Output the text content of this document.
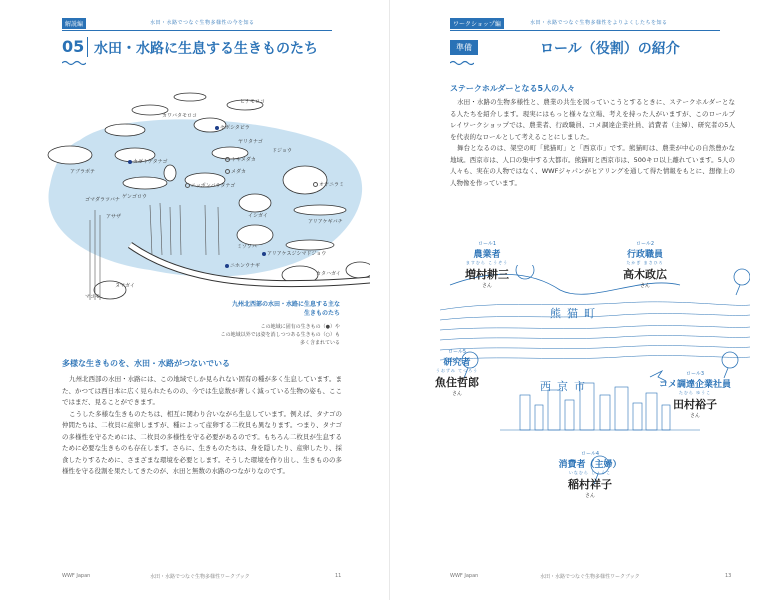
解説編	水田・水路でつなぐ生物多様性の今を知る
05 水田・水路に生息する生きものたち
カワバタモロコ
ヒナモロコ
セボシタビラ
ヤリタナゴ
カゼトゲタナゴ
ドジョウ
トキメダカ
メダカ
アブラボテ
ゲンゴロウ
ニッポンバラタナゴ	オヤニラミ
ゴマダラツバナ
イシガイ
アリアケギバチ
アサザ
ミゾソバ
アリアケスジシマドジョウ
ニホンウナギ
マコモ
ヌマガイ
カタハガイ
九州北西部の水田・水路に生息する主な生きものたち
この地域に固有の生きもの（●）や
この地域以外では姿を消しつつある生きもの（○）も
多く含まれている
多様な生きものを、水田・水路がつないでいる

九州北西部の水田・水路には、この地域でしか見られない固有の種が多く生息しています。また、かつては西日本に広く見られたものの、今では生息数が著しく減っている生物の姿も、ここではまだ、見ることができます。

こうした多様な生きものたちは、相互に関わり合いながら生息しています。例えば、タナゴの仲間たちは、二枚貝に産卵しますが、種によって産卵する二枚貝も異なります。つまり、タナゴの多様性を守るためには、二枚貝の多様性を守る必要があるのです。もちろん二枚貝が生息するために必要な生きものも存在します。さらに、生きものたちは、身を隠したり、産卵したり、採食したりするために、さまざまな環境を必要とします。そうした環境を作り出し、生きものの多様性を守る役割を果たしてきたのが、水田と無数の水路のつながりなのです。

WWF Japan	水田・水路でつなぐ生物多様性ワークブック	11
ワークショップ編	水田・水路でつなぐ生物多様性をよりよくしたちを知る
準備	ロール（役割）の紹介
ステークホルダーとなる5人の人々

水田・水路の生物多様性と、農業の共生を図っていこうとするときに、ステークホルダーとなる人たちを紹介します。現実にはもっと様々な立場、考えを持った人がいますが、このロールプレイワークショップでは、農業者、行政職員、コメ調達企業社員、消費者（主婦）、研究者の5人を代表的なロールとして考えることにしました。

舞台となるのは、架空の町「熊猫町」と「西京市」です。熊猫町は、農業が中心の自然豊かな地域。西京市は、人口の集中する大都市。熊猫町と西京市は、500キロ以上離れています。5人の人々も、実在の人物ではなく、WWFジャパンがヒアリングを通して得た情報をもとに、想像上の人物像を作っています。

熊猫町
西京市
ロール1
農業者
ますむら こうぞう
増村耕三
さん
ロール2
行政職員
たかぎ まさひろ
高木政広
さん
ロール5
研究者
うおずみ てつろう
魚住哲郎
さん
ロール3
コメ調達企業社員
たむら ゆうこ
田村裕子
さん
ロール4
消費者（主婦）
いなむら しょうこ
稲村祥子
さん
WWF Japan	水田・水路でつなぐ生物多様性ワークブック	13
